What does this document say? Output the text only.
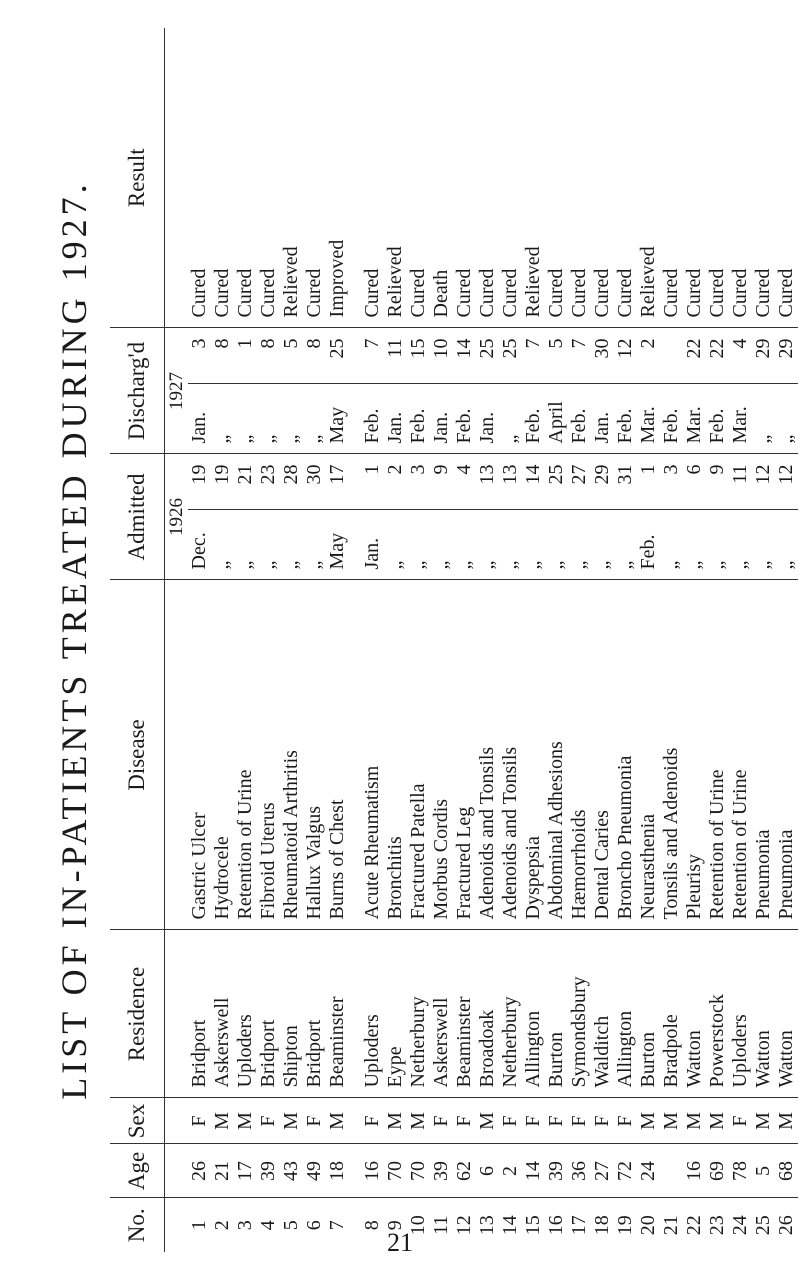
LIST OF IN-PATIENTS TREATED DURING 1927.
No.	Age	Sex	Residence	Disease	Admitted		Discharg'd		Result
					1926		1927		
1	26	F	Bridport	Gastric Ulcer	Dec.	19	Jan.	3	Cured
2	21	M	Askerswell	Hydrocele	„	19	„	8	Cured
3	17	M	Uploders	Retention of Urine	„	21	„	1	Cured
4	39	F	Bridport	Fibroid Uterus	„	23	„	8	Cured
5	43	M	Shipton	Rheumatoid Arthritis	„	28	„	5	Relieved
6	49	F	Bridport	Hallux Valgus	„	30	„	8	Cured
7	18	M	Beaminster	Burns of Chest	May	17	May	25	Improved

8	16	F	Uploders	Acute Rheumatism	Jan.	1	Feb.	7	Cured
9	70	M	Eype	Bronchitis	„	2	Jan.	11	Relieved
10	70	M	Netherbury	Fractured Patella	„	3	Feb.	15	Cured
11	39	F	Askerswell	Morbus Cordis	„	9	Jan.	10	Death
12	62	F	Beaminster	Fractured Leg	„	4	Feb.	14	Cured
13	6	M	Broadoak	Adenoids and Tonsils	„	13	Jan.	25	Cured
14	2	F	Netherbury	Adenoids and Tonsils	„	13	„	25	Cured
15	14	F	Allington	Dyspepsia	„	14	Feb.	7	Relieved
16	39	F	Burton	Abdominal Adhesions	„	25	April	5	Cured
17	36	F	Symondsbury	Hæmorrhoids	„	27	Feb.	7	Cured
18	27	F	Walditch	Dental Caries	„	29	Jan.	30	Cured
19	72	F	Allington	Broncho Pneumonia	„	31	Feb.	12	Cured
20	24	M	Burton	Neurasthenia	Feb.	1	Mar.	2	Relieved
21		M	Bradpole	Tonsils and Adenoids	„	3	Feb.		Cured
22	16	M	Watton	Pleurisy	„	6	Mar.	22	Cured
23	69	M	Powerstock	Retention of Urine	„	9	Feb.	22	Cured
24	78	F	Uploders	Retention of Urine	„	11	Mar.	4	Cured
25	5	M	Watton	Pneumonia	„	12	„	29	Cured
26	68	M	Watton	Pneumonia	„	12	„	29	Cured
21
